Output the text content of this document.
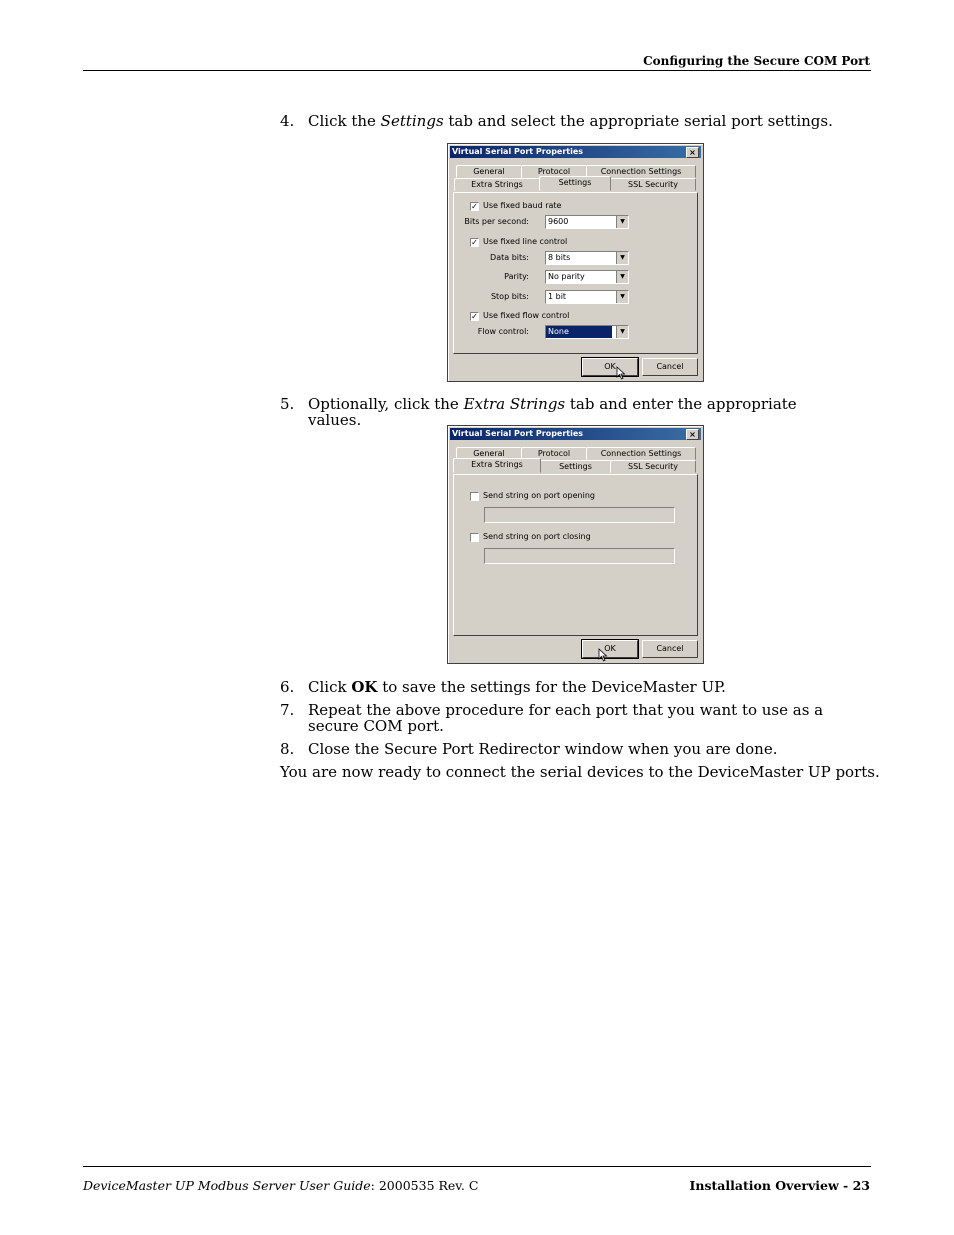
Configuring the Secure COM Port
4. Click the Settings tab and select the appropriate serial port settings.
Virtual Serial Port Properties	×
General	Protocol	Connection Settings
Extra Strings	Settings	SSL Security
✓ Use fixed baud rate
Bits per second:	9600	▼
✓ Use fixed line control
Data bits:	8 bits	▼
Parity:	No parity	▼
Stop bits:	1 bit	▼
✓ Use fixed flow control
Flow control:	None	▼
OK	Cancel
5. Optionally, click the Extra Strings tab and enter the appropriate values.
Virtual Serial Port Properties	×
General	Protocol	Connection Settings
Extra Strings	Settings	SSL Security
Send string on port opening
Send string on port closing
OK	Cancel
6. Click OK to save the settings for the DeviceMaster UP.
7. Repeat the above procedure for each port that you want to use as a secure COM port.
8. Close the Secure Port Redirector window when you are done.
You are now ready to connect the serial devices to the DeviceMaster UP ports.
DeviceMaster UP Modbus Server User Guide: 2000535 Rev. C	Installation Overview - 23
